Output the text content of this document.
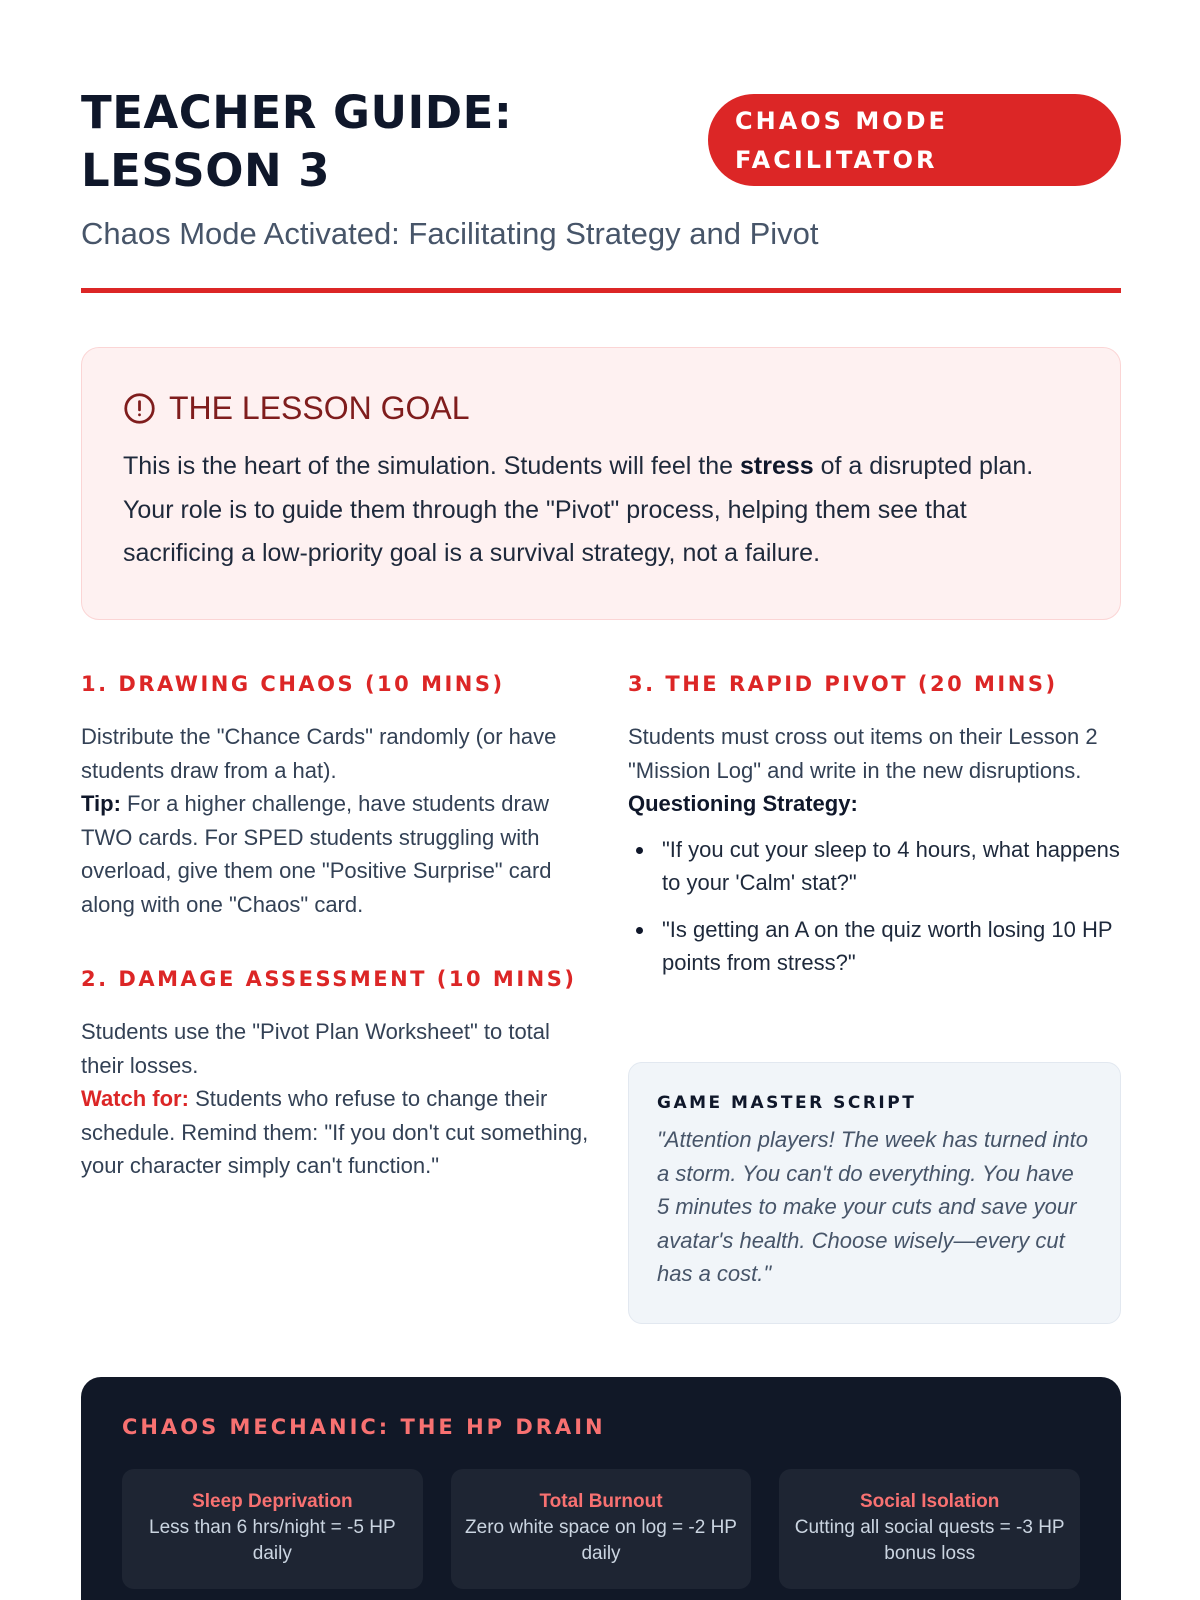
TEACHER GUIDE:
LESSON 3
CHAOS MODE
FACILITATOR
Chaos Mode Activated: Facilitating Strategy and Pivot
THE LESSON GOAL

This is the heart of the simulation. Students will feel the stress of a disrupted plan. Your role is to guide them through the "Pivot" process, helping them see that sacrificing a low-priority goal is a survival strategy, not a failure.

1. DRAWING CHAOS (10 MINS)

Distribute the "Chance Cards" randomly (or have students draw from a hat).
Tip: For a higher challenge, have students draw TWO cards. For SPED students struggling with overload, give them one "Positive Surprise" card along with one "Chaos" card.

2. DAMAGE ASSESSMENT (10 MINS)

Students use the "Pivot Plan Worksheet" to total their losses.
Watch for: Students who refuse to change their schedule. Remind them: "If you don't cut something, your character simply can't function."

3. THE RAPID PIVOT (20 MINS)

Students must cross out items on their Lesson 2 "Mission Log" and write in the new disruptions.
Questioning Strategy:

"If you cut your sleep to 4 hours, what happens to your 'Calm' stat?"
"Is getting an A on the quiz worth losing 10 HP points from stress?"
GAME MASTER SCRIPT

"Attention players! The week has turned into a storm. You can't do everything. You have 5 minutes to make your cuts and save your avatar's health. Choose wisely—every cut has a cost."

CHAOS MECHANIC: THE HP DRAIN
Sleep Deprivation
Less than 6 hrs/night = -5 HP daily
Total Burnout
Zero white space on log = -2 HP daily
Social Isolation
Cutting all social quests = -3 HP bonus loss
